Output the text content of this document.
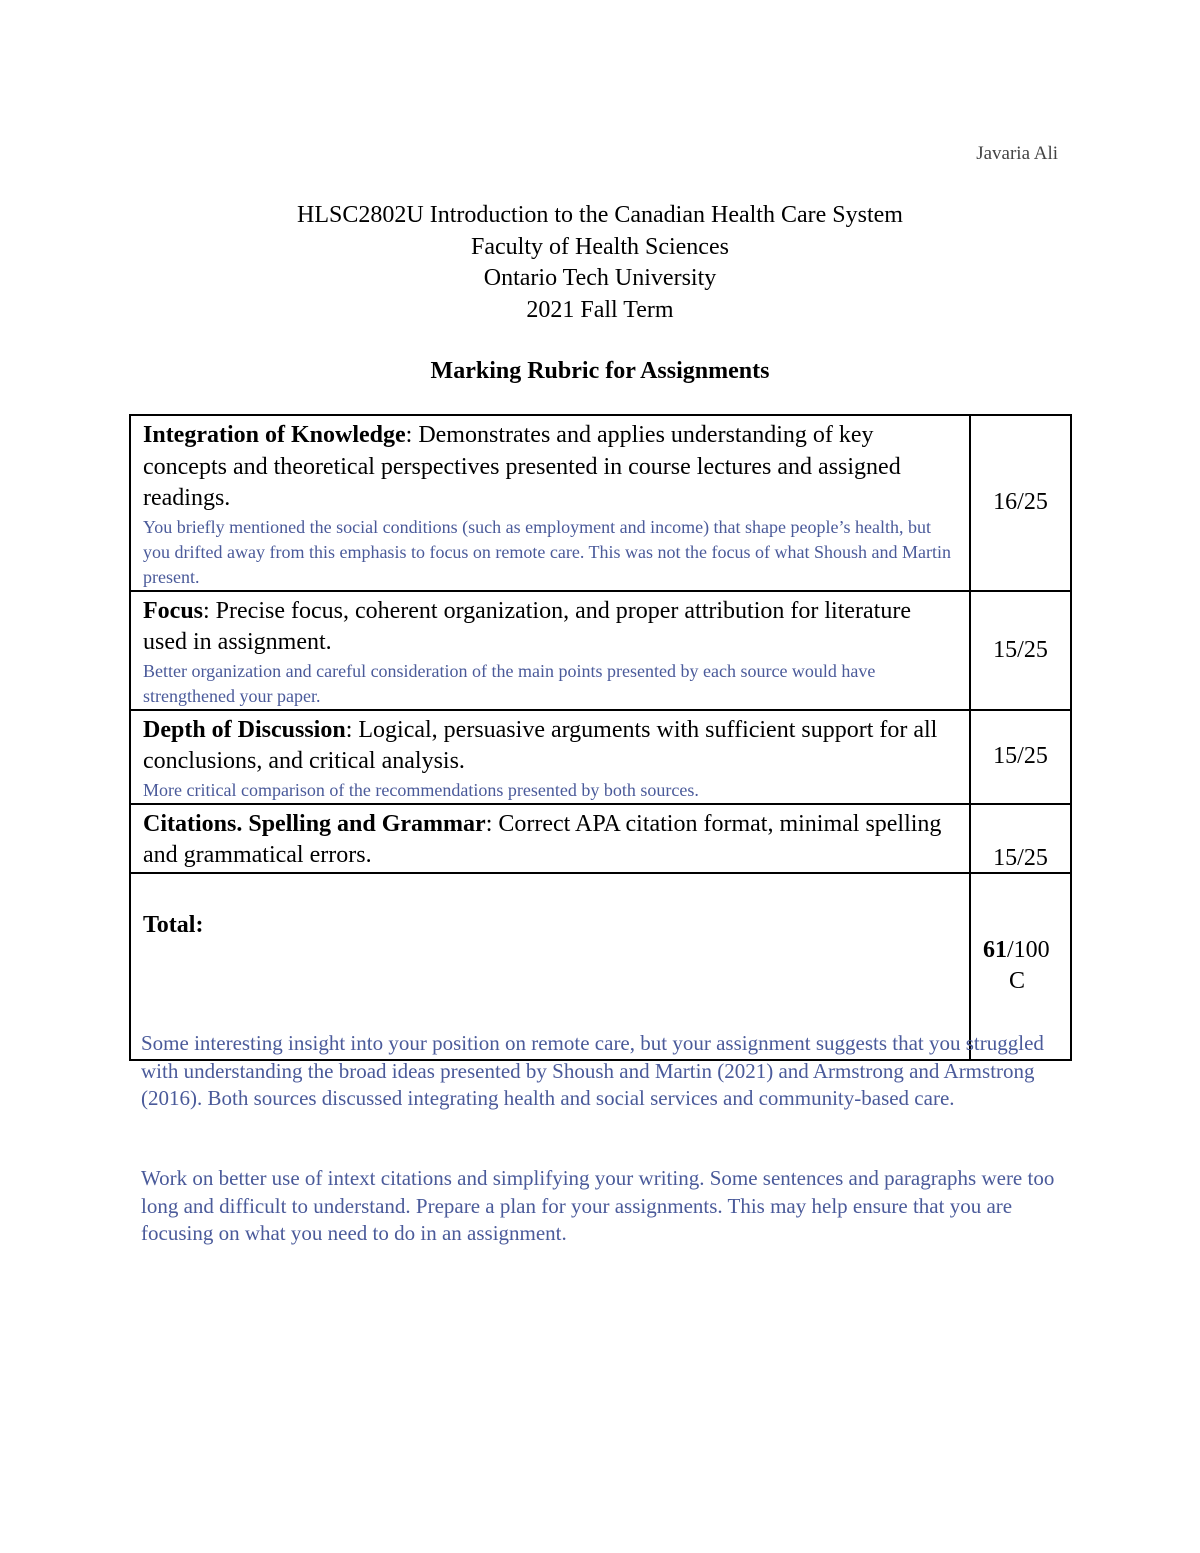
Javaria Ali
HLSC2802U Introduction to the Canadian Health Care System
Faculty of Health Sciences
Ontario Tech University
2021 Fall Term
Marking Rubric for Assignments
Integration of Knowledge: Demonstrates and applies understanding of key concepts and theoretical perspectives presented in course lectures and assigned readings.
You briefly mentioned the social conditions (such as employment and income) that shape people’s health, but you drifted away from this emphasis to focus on remote care. This was not the focus of what Shoush and Martin present.	16/25

Focus: Precise focus, coherent organization, and proper attribution for literature used in assignment.
Better organization and careful consideration of the main points presented by each source would have strengthened your paper.	15/25

Depth of Discussion: Logical, persuasive arguments with sufficient support for all conclusions, and critical analysis.
More critical comparison of the recommendations presented by both sources.	15/25

Citations. Spelling and Grammar: Correct APA citation format, minimal spelling and grammatical errors.	15/25

Total:	61/100
C
Some interesting insight into your position on remote care, but your assignment suggests that you struggled with understanding the broad ideas presented by Shoush and Martin (2021) and Armstrong and Armstrong (2016). Both sources discussed integrating health and social services and community-based care.
Work on better use of intext citations and simplifying your writing. Some sentences and paragraphs were too long and difficult to understand. Prepare a plan for your assignments. This may help ensure that you are focusing on what you need to do in an assignment.
